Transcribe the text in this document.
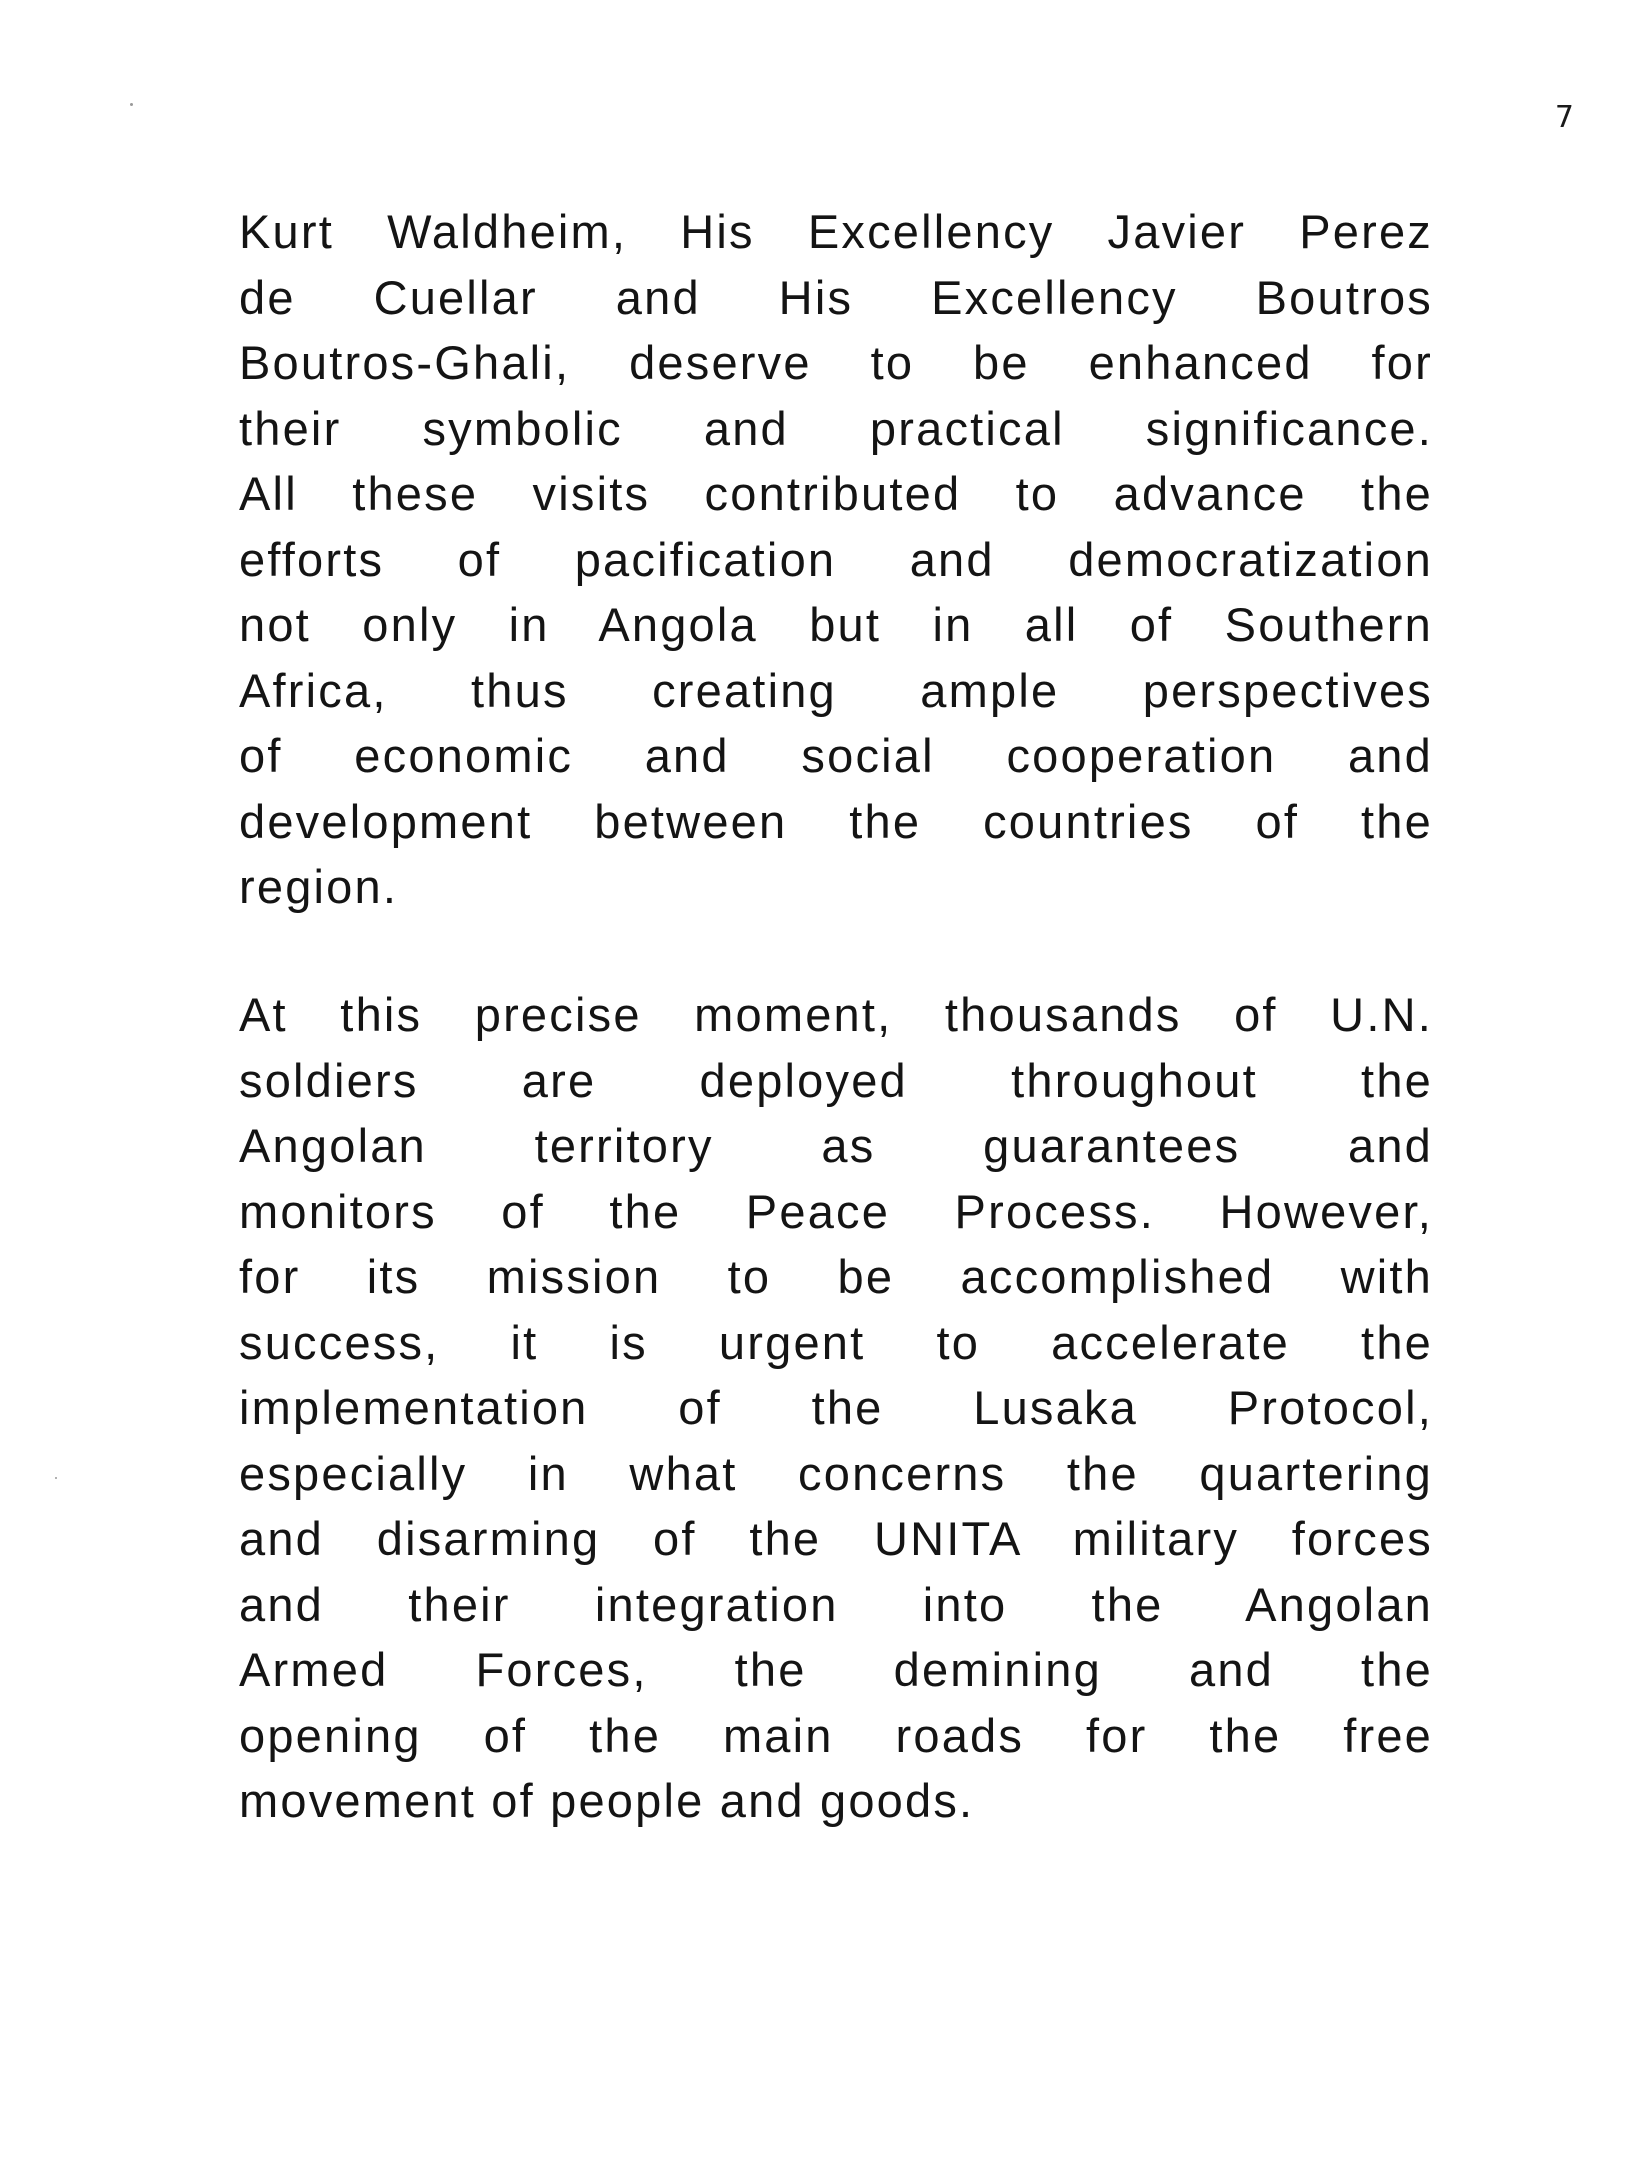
7
Kurt Waldheim, His Excellency Javier Perez
de Cuellar and His Excellency Boutros
Boutros-Ghali, deserve to be enhanced for
their symbolic and practical significance.
All these visits contributed to advance the
efforts of pacification and democratization
not only in Angola but in all of Southern
Africa, thus creating ample perspectives
of economic and social cooperation and
development between the countries of the
region.
At this precise moment, thousands of U.N.
soldiers are deployed throughout the
Angolan territory as guarantees and
monitors of the Peace Process. However,
for its mission to be accomplished with
success, it is urgent to accelerate the
implementation of the Lusaka Protocol,
especially in what concerns the quartering
and disarming of the UNITA military forces
and their integration into the Angolan
Armed Forces, the demining and the
opening of the main roads for the free
movement of people and goods.
